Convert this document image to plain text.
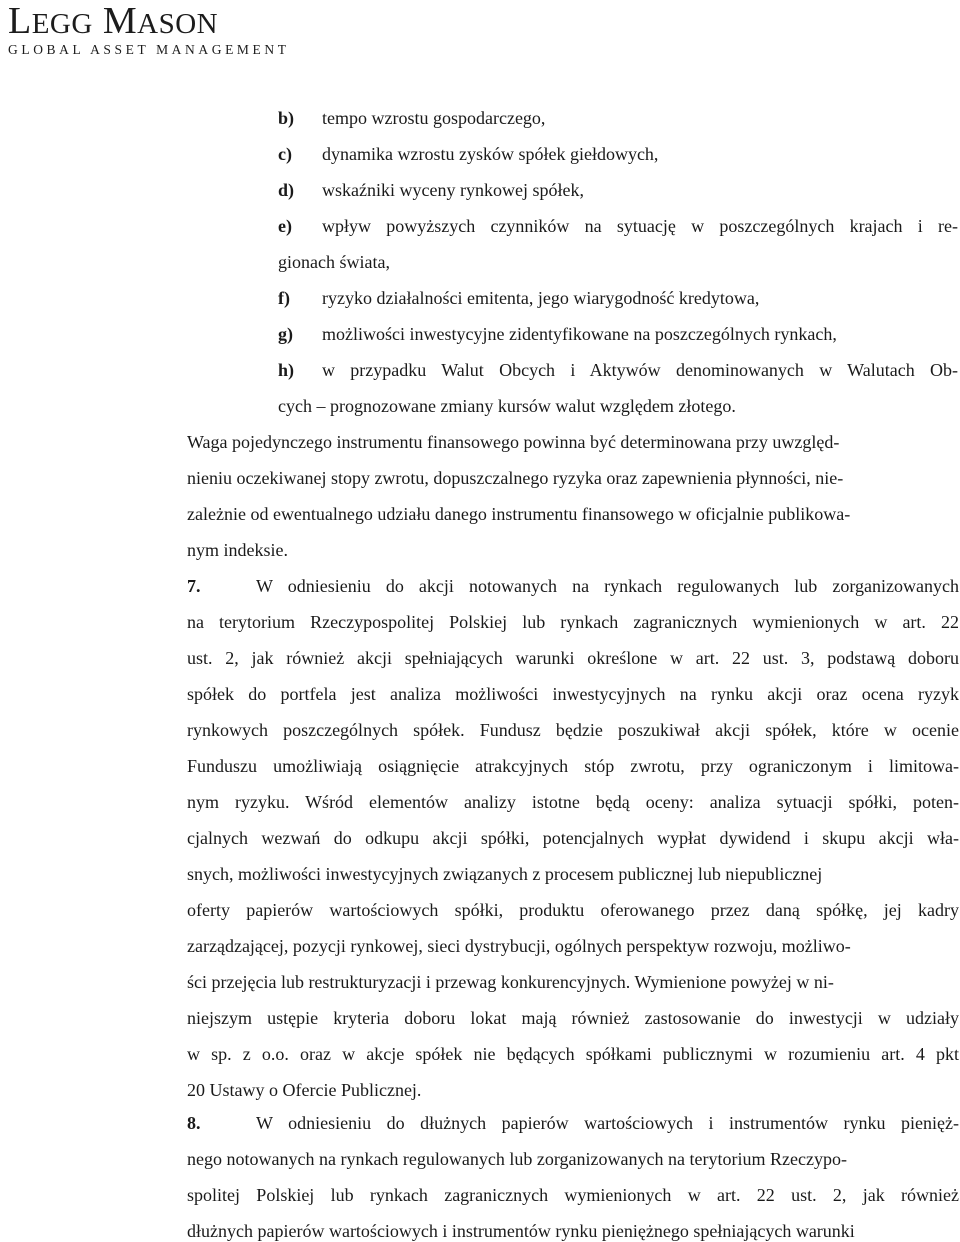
LEGG MASON
GLOBAL ASSET MANAGEMENT
b) tempo wzrostu gospodarczego,
c) dynamika wzrostu zysków spółek giełdowych,
d) wskaźniki wyceny rynkowej spółek,
e) wpływ powyższych czynników na sytuację w poszczególnych krajach i re-
gionach świata,
f) ryzyko działalności emitenta, jego wiarygodność kredytowa,
g) możliwości inwestycyjne zidentyfikowane na poszczególnych rynkach,
h) w przypadku Walut Obcych i Aktywów denominowanych w Walutach Ob-
cych – prognozowane zmiany kursów walut względem złotego.
Waga pojedynczego instrumentu finansowego powinna być determinowana przy uwzględ-
nieniu oczekiwanej stopy zwrotu, dopuszczalnego ryzyka oraz zapewnienia płynności, nie-
zależnie od ewentualnego udziału danego instrumentu finansowego w oficjalnie publikowa-
nym indeksie.
7.	W odniesieniu do akcji notowanych na rynkach regulowanych lub zorganizowanych
na terytorium Rzeczypospolitej Polskiej lub rynkach zagranicznych wymienionych w art. 22
ust. 2, jak również akcji spełniających warunki określone w art. 22 ust. 3, podstawą doboru
spółek do portfela jest analiza możliwości inwestycyjnych na rynku akcji oraz ocena ryzyk
rynkowych poszczególnych spółek. Fundusz będzie poszukiwał akcji spółek, które w ocenie
Funduszu umożliwiają osiągnięcie atrakcyjnych stóp zwrotu, przy ograniczonym i limitowa-
nym ryzyku. Wśród elementów analizy istotne będą oceny: analiza sytuacji spółki, poten-
cjalnych wezwań do odkupu akcji spółki, potencjalnych wypłat dywidend i skupu akcji wła-
snych, możliwości inwestycyjnych związanych z procesem publicznej lub niepublicznej
oferty papierów wartościowych spółki, produktu oferowanego przez daną spółkę, jej kadry
zarządzającej, pozycji rynkowej, sieci dystrybucji, ogólnych perspektyw rozwoju, możliwo-
ści przejęcia lub restrukturyzacji i przewag konkurencyjnych. Wymienione powyżej w ni-
niejszym ustępie kryteria doboru lokat mają również zastosowanie do inwestycji w udziały
w sp. z o.o. oraz w akcje spółek nie będących spółkami publicznymi w rozumieniu art. 4 pkt
20 Ustawy o Ofercie Publicznej.
8.	W odniesieniu do dłużnych papierów wartościowych i instrumentów rynku pienięż-
nego notowanych na rynkach regulowanych lub zorganizowanych na terytorium Rzeczypo-
spolitej Polskiej lub rynkach zagranicznych wymienionych w art. 22 ust. 2, jak również
dłużnych papierów wartościowych i instrumentów rynku pieniężnego spełniających warunki
